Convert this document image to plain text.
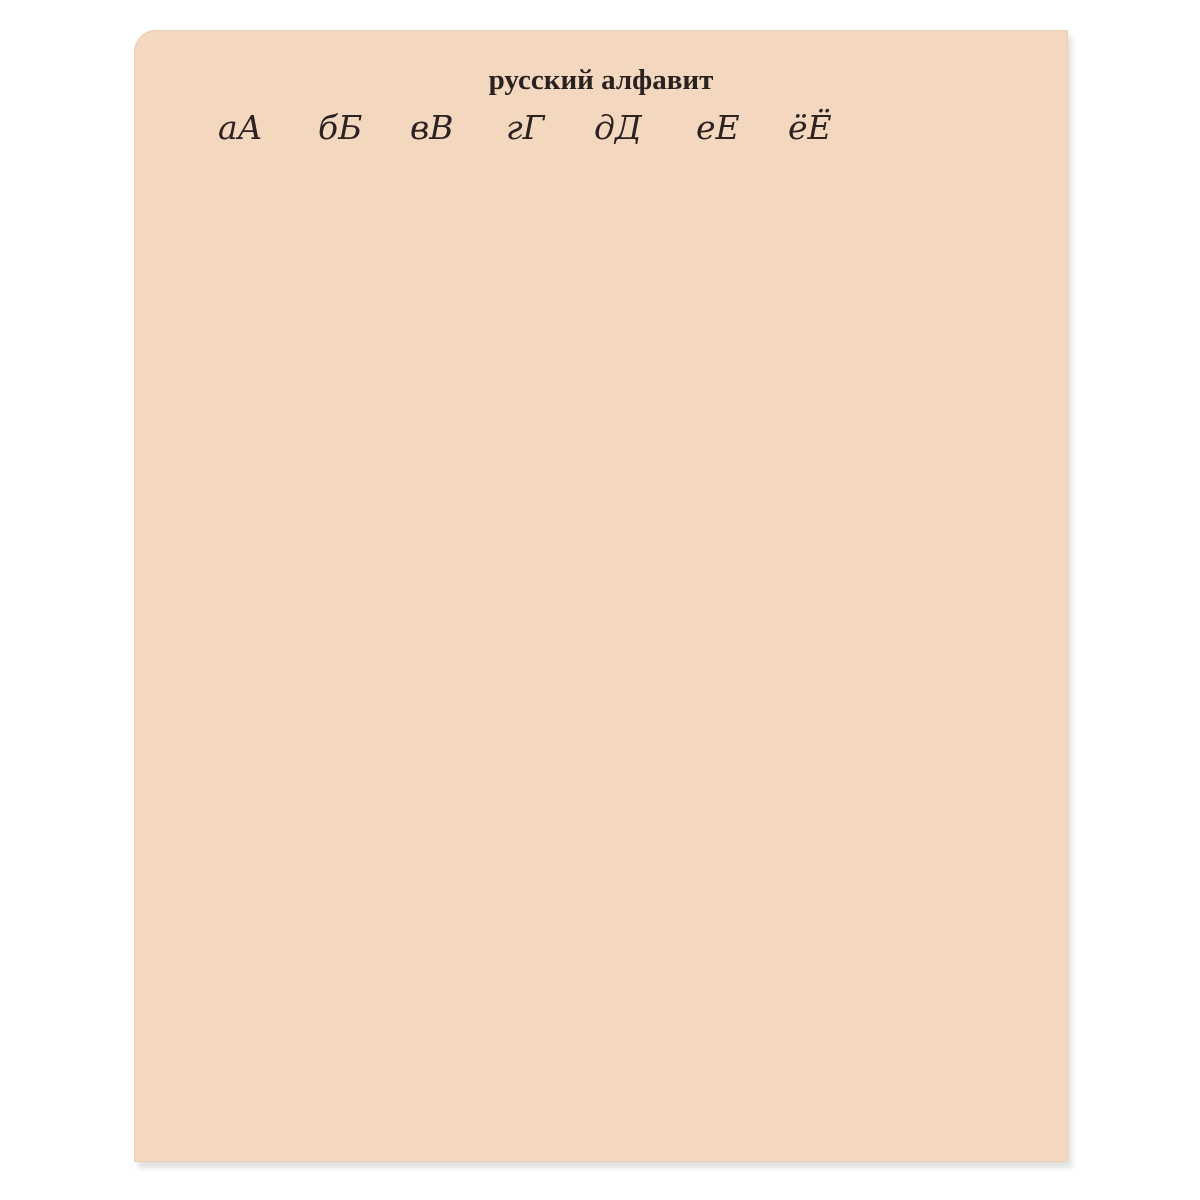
русский алфавит
аА бБ вВ гГ дД еЕ ёЁ
